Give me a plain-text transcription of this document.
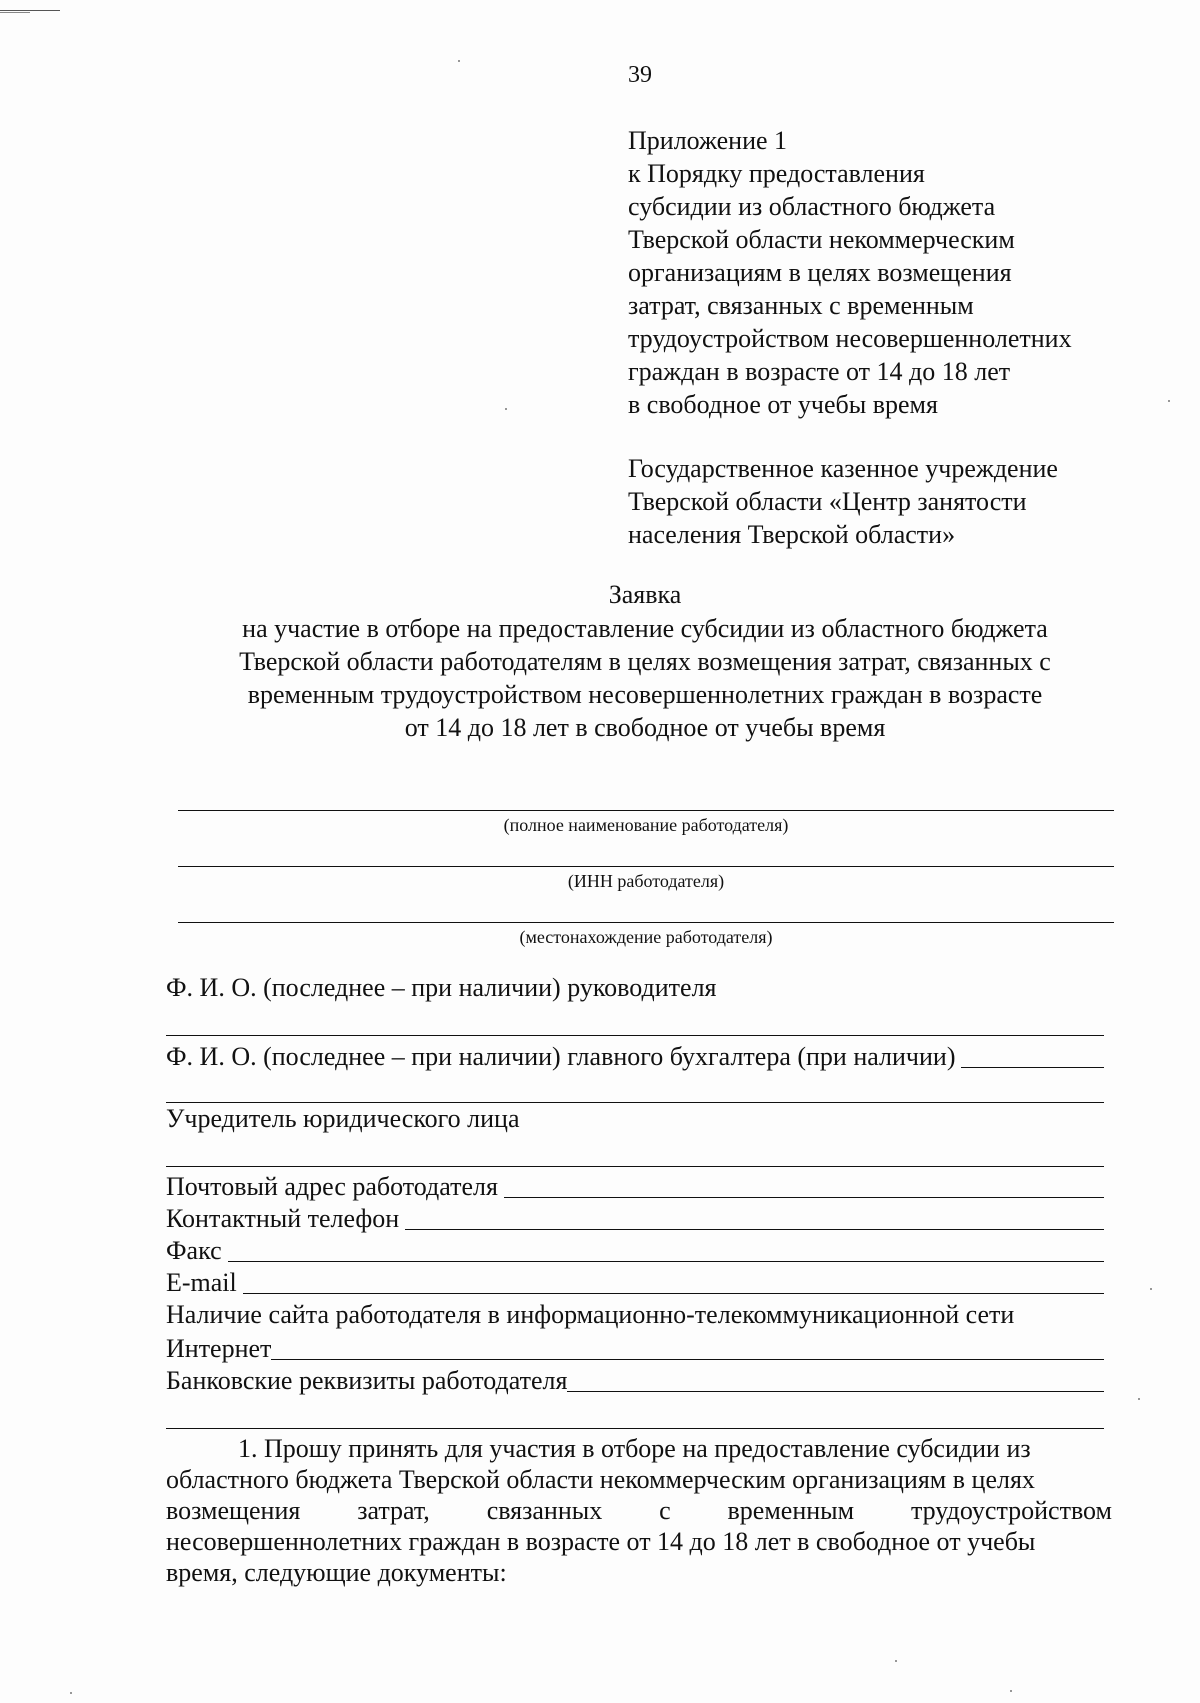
39
Приложение 1
к Порядку предоставления
субсидии из областного бюджета
Тверской области некоммерческим
организациям в целях возмещения
затрат, связанных с временным
трудоустройством несовершеннолетних
граждан в возрасте от 14 до 18 лет
в свободное от учебы время
Государственное казенное учреждение
Тверской области «Центр занятости
населения Тверской области»
Заявка
на участие в отборе на предоставление субсидии из областного бюджета
Тверской области работодателям в целях возмещения затрат, связанных с
временным трудоустройством несовершеннолетних граждан в возрасте
от 14 до 18 лет в свободное от учебы время
(полное наименование работодателя)
(ИНН работодателя)
(местонахождение работодателя)
Ф. И. О. (последнее – при наличии) руководителя
Ф. И. О. (последнее – при наличии) главного бухгалтера (при наличии)
Учредитель юридического лица
Почтовый адрес работодателя
Контактный телефон
Факс
E-mail
Наличие сайта работодателя в информационно-телекоммуникационной сети
Интернет
Банковские реквизиты работодателя
1. Прошу принять для участия в отборе на предоставление субсидии из
областного бюджета Тверской области некоммерческим организациям в целях
возмещения затрат, связанных с временным трудоустройством
несовершеннолетних граждан в возрасте от 14 до 18 лет в свободное от учебы
время, следующие документы:
